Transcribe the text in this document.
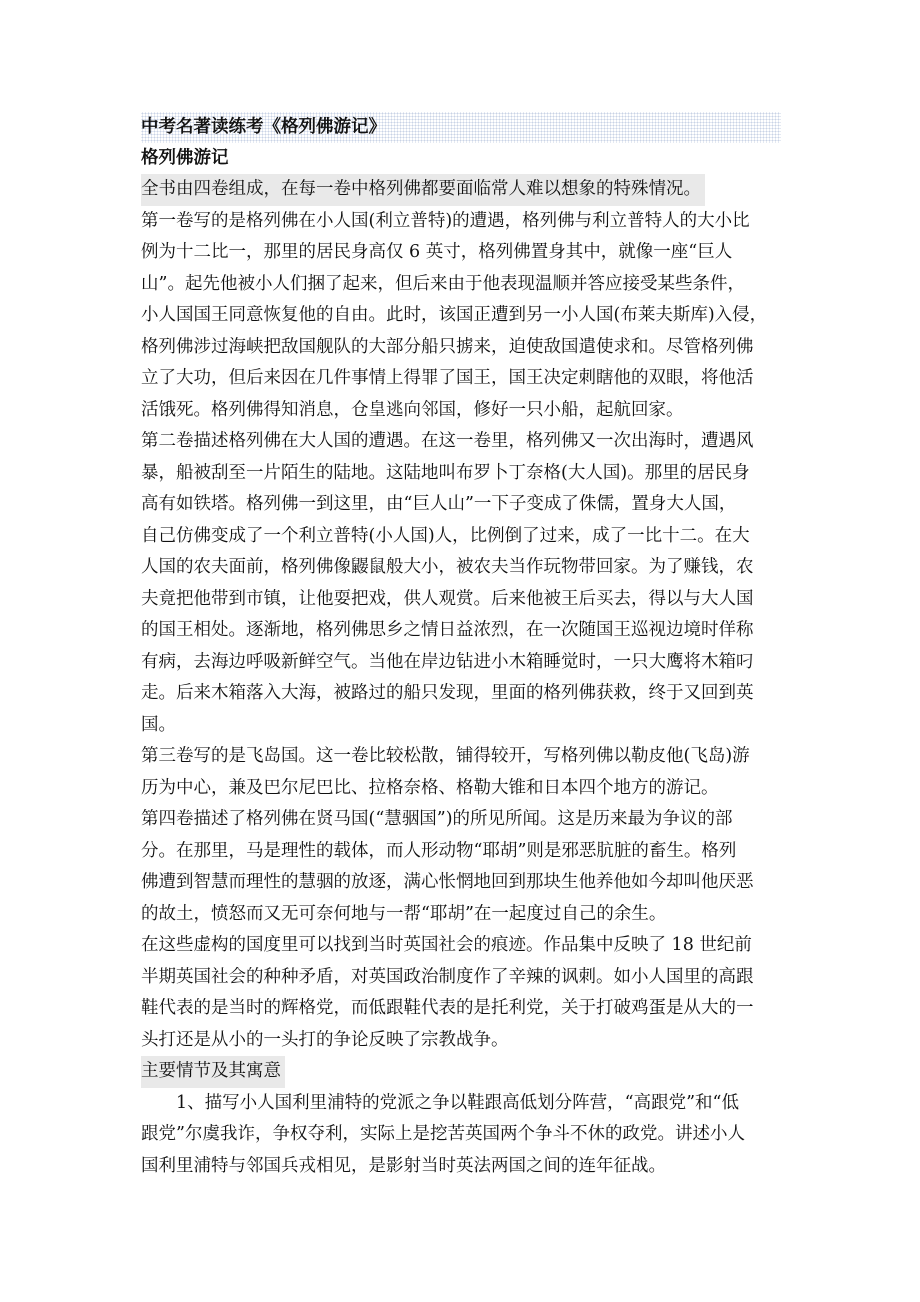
中考名著读练考《格列佛游记》
格列佛游记
全书由四卷组成，在每一卷中格列佛都要面临常人难以想象的特殊情况。
第一卷写的是格列佛在小人国(利立普特)的遭遇，格列佛与利立普特人的大小比
例为十二比一，那里的居民身高仅 6 英寸，格列佛置身其中，就像一座“巨人
山”。起先他被小人们捆了起来，但后来由于他表现温顺并答应接受某些条件，
小人国国王同意恢复他的自由。此时，该国正遭到另一小人国(布莱夫斯库)入侵，
格列佛涉过海峡把敌国舰队的大部分船只掳来，迫使敌国遣使求和。尽管格列佛
立了大功，但后来因在几件事情上得罪了国王，国王决定刺瞎他的双眼，将他活
活饿死。格列佛得知消息，仓皇逃向邻国，修好一只小船，起航回家。
第二卷描述格列佛在大人国的遭遇。在这一卷里，格列佛又一次出海时，遭遇风
暴，船被刮至一片陌生的陆地。这陆地叫布罗卜丁奈格(大人国)。那里的居民身
高有如铁塔。格列佛一到这里，由“巨人山”一下子变成了侏儒，置身大人国，
自己仿佛变成了一个利立普特(小人国)人，比例倒了过来，成了一比十二。在大
人国的农夫面前，格列佛像鼹鼠般大小，被农夫当作玩物带回家。为了赚钱，农
夫竟把他带到市镇，让他耍把戏，供人观赏。后来他被王后买去，得以与大人国
的国王相处。逐渐地，格列佛思乡之情日益浓烈，在一次随国王巡视边境时佯称
有病，去海边呼吸新鲜空气。当他在岸边钻进小木箱睡觉时，一只大鹰将木箱叼
走。后来木箱落入大海，被路过的船只发现，里面的格列佛获救，终于又回到英
国。
第三卷写的是飞岛国。这一卷比较松散，铺得较开，写格列佛以勒皮他(飞岛)游
历为中心，兼及巴尔尼巴比、拉格奈格、格勒大锥和日本四个地方的游记。
第四卷描述了格列佛在贤马国(“慧骃国”)的所见所闻。这是历来最为争议的部
分。在那里，马是理性的载体，而人形动物“耶胡”则是邪恶肮脏的畜生。格列
佛遭到智慧而理性的慧骃的放逐，满心怅惘地回到那块生他养他如今却叫他厌恶
的故土，愤怒而又无可奈何地与一帮“耶胡”在一起度过自己的余生。
在这些虚构的国度里可以找到当时英国社会的痕迹。作品集中反映了 18 世纪前
半期英国社会的种种矛盾，对英国政治制度作了辛辣的讽刺。如小人国里的高跟
鞋代表的是当时的辉格党，而低跟鞋代表的是托利党，关于打破鸡蛋是从大的一
头打还是从小的一头打的争论反映了宗教战争。
主要情节及其寓意
1、描写小人国利里浦特的党派之争以鞋跟高低划分阵营，“高跟党”和“低
跟党”尔虞我诈，争权夺利，实际上是挖苦英国两个争斗不休的政党。讲述小人
国利里浦特与邻国兵戎相见，是影射当时英法两国之间的连年征战。
